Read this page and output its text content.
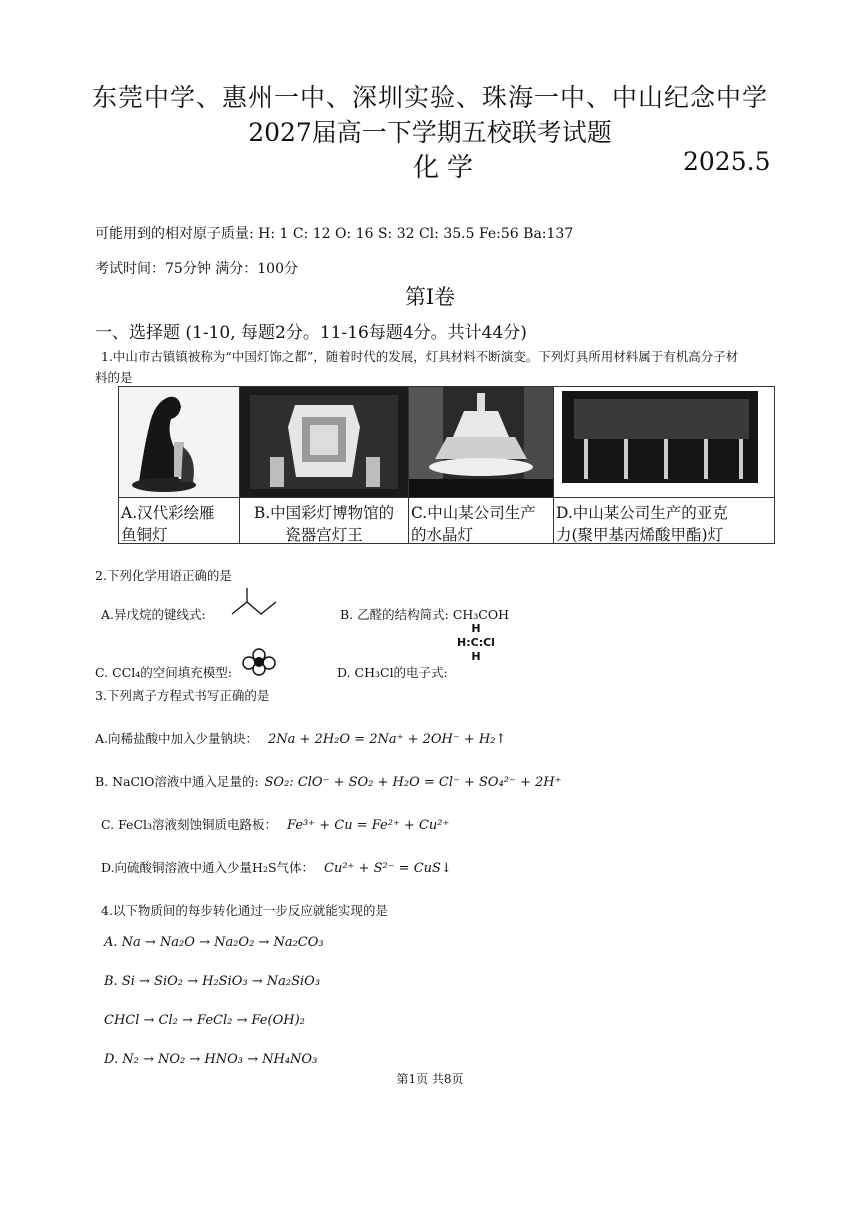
东莞中学、惠州一中、深圳实验、珠海一中、中山纪念中学
2027届高一下学期五校联考试题
化学	2025.5
可能用到的相对原子质量: H: 1 C: 12 O: 16 S: 32 Cl: 35.5 Fe:56 Ba:137
考试时间：75分钟 满分：100分
第Ⅰ卷
一、选择题 (1-10, 每题2分。11-16每题4分。共计44分)
1.中山市古镇镇被称为“中国灯饰之都”，随着时代的发展，灯具材料不断演变。下列灯具所用材料属于有机高分子材
料的是
A.汉代彩绘雁
鱼铜灯

B.中国彩灯博物馆的
瓷器宫灯王

C.中山某公司生产
的水晶灯

D.中山某公司生产的亚克
力(聚甲基丙烯酸甲酯)灯
2.下列化学用语正确的是
A.异戊烷的键线式:	B. 乙醛的结构简式: CH₃COH
C. CCl₄的空间填充模型:	D. CH₃Cl的电子式:
H
H:C:Cl
H
3.下列离子方程式书写正确的是
A.向稀盐酸中加入少量钠块： 2Na + 2H₂O = 2Na⁺ + 2OH⁻ + H₂↑
B. NaClO溶液中通入足量的: SO₂: ClO⁻ + SO₂ + H₂O = Cl⁻ + SO₄²⁻ + 2H⁺
C. FeCl₃溶液刻蚀铜质电路板： Fe³⁺ + Cu = Fe²⁺ + Cu²⁺
D.向硫酸铜溶液中通入少量H₂S气体： Cu²⁺ + S²⁻ = CuS↓
4.以下物质间的每步转化通过一步反应就能实现的是
A. Na → Na₂O → Na₂O₂ → Na₂CO₃
B. Si → SiO₂ → H₂SiO₃ → Na₂SiO₃
CHCl → Cl₂ → FeCl₂ → Fe(OH)₂
D. N₂ → NO₂ → HNO₃ → NH₄NO₃
第1页 共8页
